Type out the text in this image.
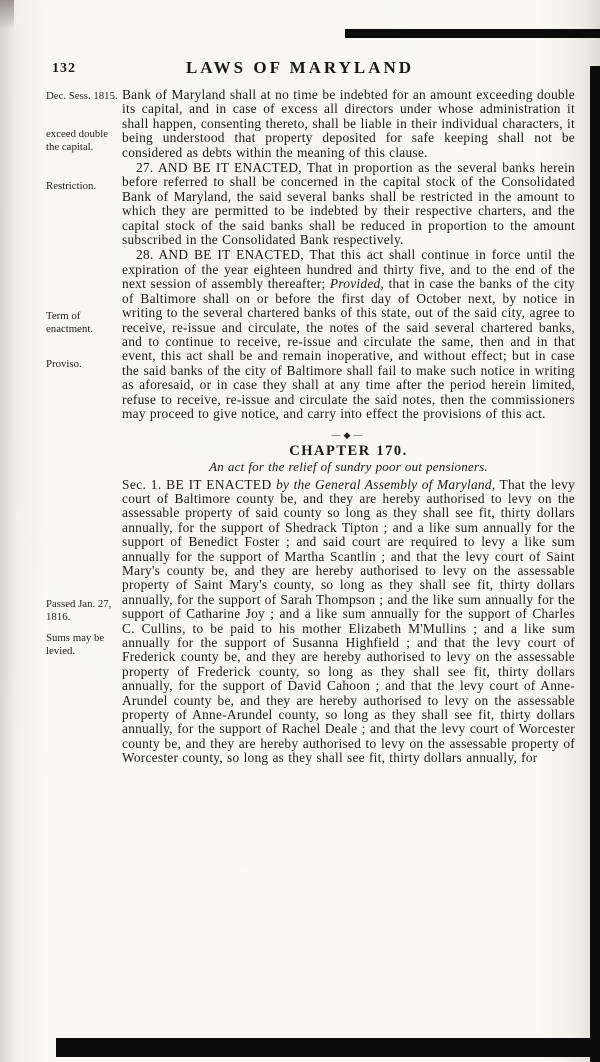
132	LAWS OF MARYLAND
Dec. Sess. 1815.
exceed double the capital.
Restriction.
Term of enactment.
Proviso.
Passed Jan. 27, 1816.
Sums may be levied.

Bank of Maryland shall at no time be indebted for an amount exceeding double its capital, and in case of excess all directors under whose administration it shall happen, consenting thereto, shall be liable in their individual characters, it being understood that property deposited for safe keeping shall not be considered as debts within the meaning of this clause.

27. AND BE IT ENACTED, That in proportion as the several banks herein before referred to shall be concerned in the capital stock of the Consolidated Bank of Maryland, the said several banks shall be restricted in the amount to which they are permitted to be indebted by their respective charters, and the capital stock of the said banks shall be reduced in proportion to the amount subscribed in the Consolidated Bank respectively.

28. AND BE IT ENACTED, That this act shall continue in force until the expiration of the year eighteen hundred and thirty five, and to the end of the next session of assembly thereafter; Provided, that in case the banks of the city of Baltimore shall on or before the first day of October next, by notice in writing to the several chartered banks of this state, out of the said city, agree to receive, re-issue and circulate, the notes of the said several chartered banks, and to continue to receive, re-issue and circulate the same, then and in that event, this act shall be and remain inoperative, and without effect; but in case the said banks of the city of Baltimore shall fail to make such notice in writing as aforesaid, or in case they shall at any time after the period herein limited, refuse to receive, re-issue and circulate the said notes, then the commissioners may proceed to give notice, and carry into effect the provisions of this act.

—◆—
CHAPTER 170.

An act for the relief of sundry poor out pensioners.

Sec. 1. BE IT ENACTED by the General Assembly of Maryland, That the levy court of Baltimore county be, and they are hereby authorised to levy on the assessable property of said county so long as they shall see fit, thirty dollars annually, for the support of Shedrack Tipton ; and a like sum annually for the support of Benedict Foster ; and said court are required to levy a like sum annually for the support of Martha Scantlin ; and that the levy court of Saint Mary's county be, and they are hereby authorised to levy on the assessable property of Saint Mary's county, so long as they shall see fit, thirty dollars annually, for the support of Sarah Thompson ; and the like sum annually for the support of Catharine Joy ; and a like sum annually for the support of Charles C. Cullins, to be paid to his mother Elizabeth M'Mullins ; and a like sum annually for the support of Susanna Highfield ; and that the levy court of Frederick county be, and they are hereby authorised to levy on the assessable property of Frederick county, so long as they shall see fit, thirty dollars annually, for the support of David Cahoon ; and that the levy court of Anne-Arundel county be, and they are hereby authorised to levy on the assessable property of Anne-Arundel county, so long as they shall see fit, thirty dollars annually, for the support of Rachel Deale ; and that the levy court of Worcester county be, and they are hereby authorised to levy on the assessable property of Worcester county, so long as they shall see fit, thirty dollars annually, for
